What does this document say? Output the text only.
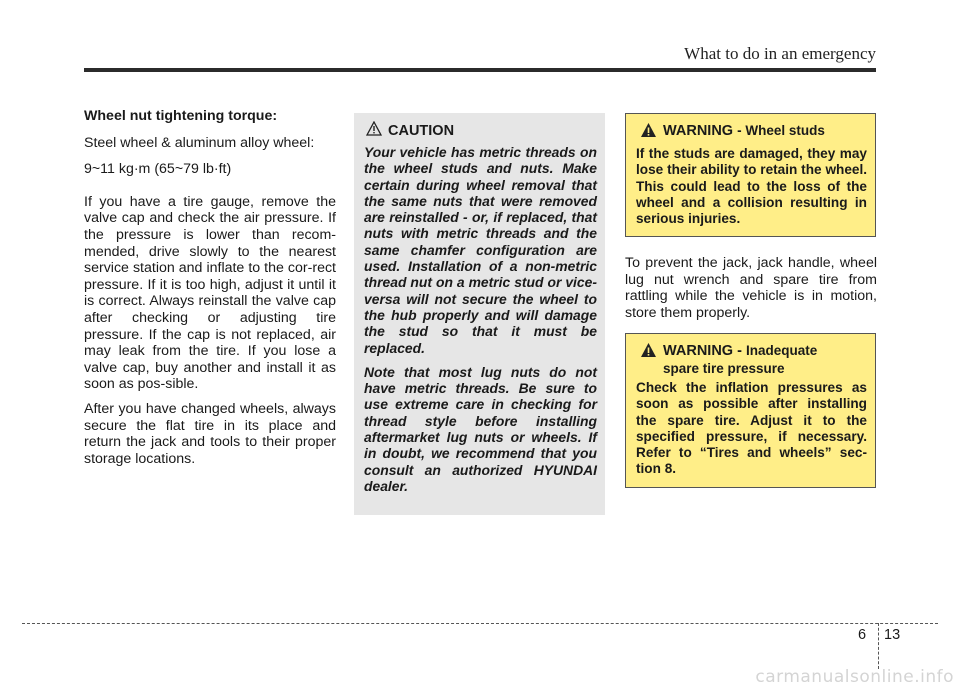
What to do in an emergency

Wheel nut tightening torque:

Steel wheel & aluminum alloy wheel:

9~11 kg·m (65~79 lb·ft)

If you have a tire gauge, remove the valve cap and check the air pressure. If the pressure is lower than recom-mended, drive slowly to the nearest service station and inflate to the cor-rect pressure. If it is too high, adjust it until it is correct. Always reinstall the valve cap after checking or adjusting tire pressure. If the cap is not replaced, air may leak from the tire. If you lose a valve cap, buy another and install it as soon as pos-sible.

After you have changed wheels, always secure the flat tire in its place and return the jack and tools to their proper storage locations.

CAUTION

Your vehicle has metric threads on the wheel studs and nuts. Make certain during wheel removal that the same nuts that were removed are reinstalled - or, if replaced, that nuts with metric threads and the same chamfer configuration are used. Installation of a non-metric thread nut on a metric stud or vice-versa will not secure the wheel to the hub properly and will damage the stud so that it must be replaced.

Note that most lug nuts do not have metric threads. Be sure to use extreme care in checking for thread style before installing aftermarket lug nuts or wheels. If in doubt, we recommend that you consult an authorized HYUNDAI dealer.

WARNING - Wheel studs

If the studs are damaged, they may lose their ability to retain the wheel. This could lead to the loss of the wheel and a collision resulting in serious injuries.

To prevent the jack, jack handle, wheel lug nut wrench and spare tire from rattling while the vehicle is in motion, store them properly.

WARNING - Inadequate
spare tire pressure

Check the inflation pressures as soon as possible after installing the spare tire. Adjust it to the specified pressure, if necessary. Refer to “Tires and wheels” sec-tion 8.

6 13
carmanualsonline.info
